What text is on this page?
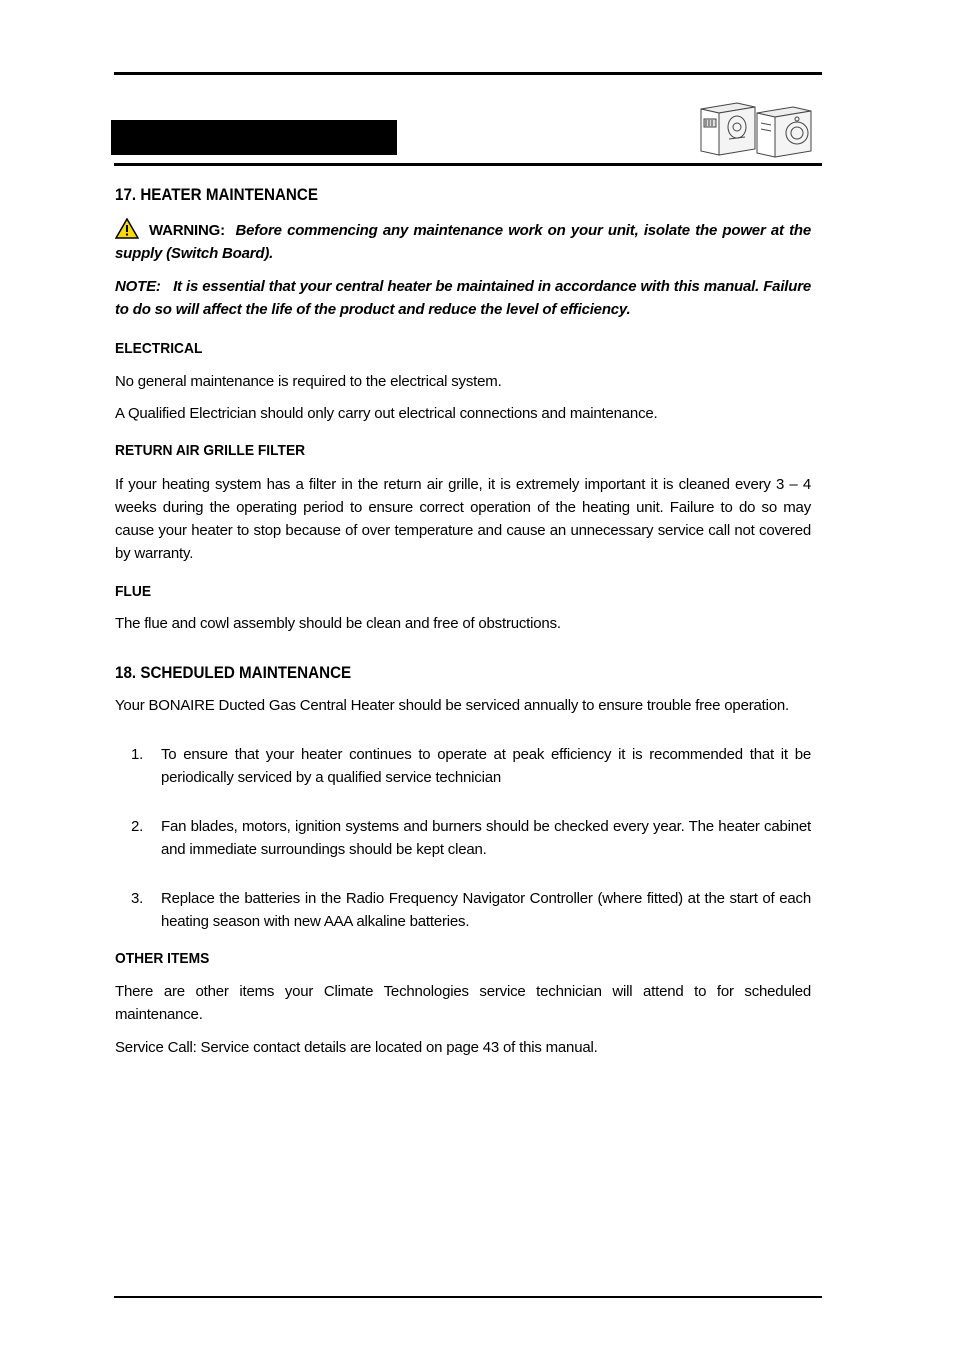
17. HEATER MAINTENANCE

WARNING: Before commencing any maintenance work on your unit, isolate the power at the supply (Switch Board).

NOTE: It is essential that your central heater be maintained in accordance with this manual. Failure to do so will affect the life of the product and reduce the level of efficiency.

ELECTRICAL

No general maintenance is required to the electrical system.

A Qualified Electrician should only carry out electrical connections and maintenance.

RETURN AIR GRILLE FILTER

If your heating system has a filter in the return air grille, it is extremely important it is cleaned every 3 – 4 weeks during the operating period to ensure correct operation of the heating unit. Failure to do so may cause your heater to stop because of over temperature and cause an unnecessary service call not covered by warranty.

FLUE

The flue and cowl assembly should be clean and free of obstructions.

18. SCHEDULED MAINTENANCE

Your BONAIRE Ducted Gas Central Heater should be serviced annually to ensure trouble free operation.

1. To ensure that your heater continues to operate at peak efficiency it is recommended that it be periodically serviced by a qualified service technician
2. Fan blades, motors, ignition systems and burners should be checked every year. The heater cabinet and immediate surroundings should be kept clean.
3. Replace the batteries in the Radio Frequency Navigator Controller (where fitted) at the start of each heating season with new AAA alkaline batteries.
OTHER ITEMS

There are other items your Climate Technologies service technician will attend to for scheduled maintenance.

Service Call: Service contact details are located on page 43 of this manual.
